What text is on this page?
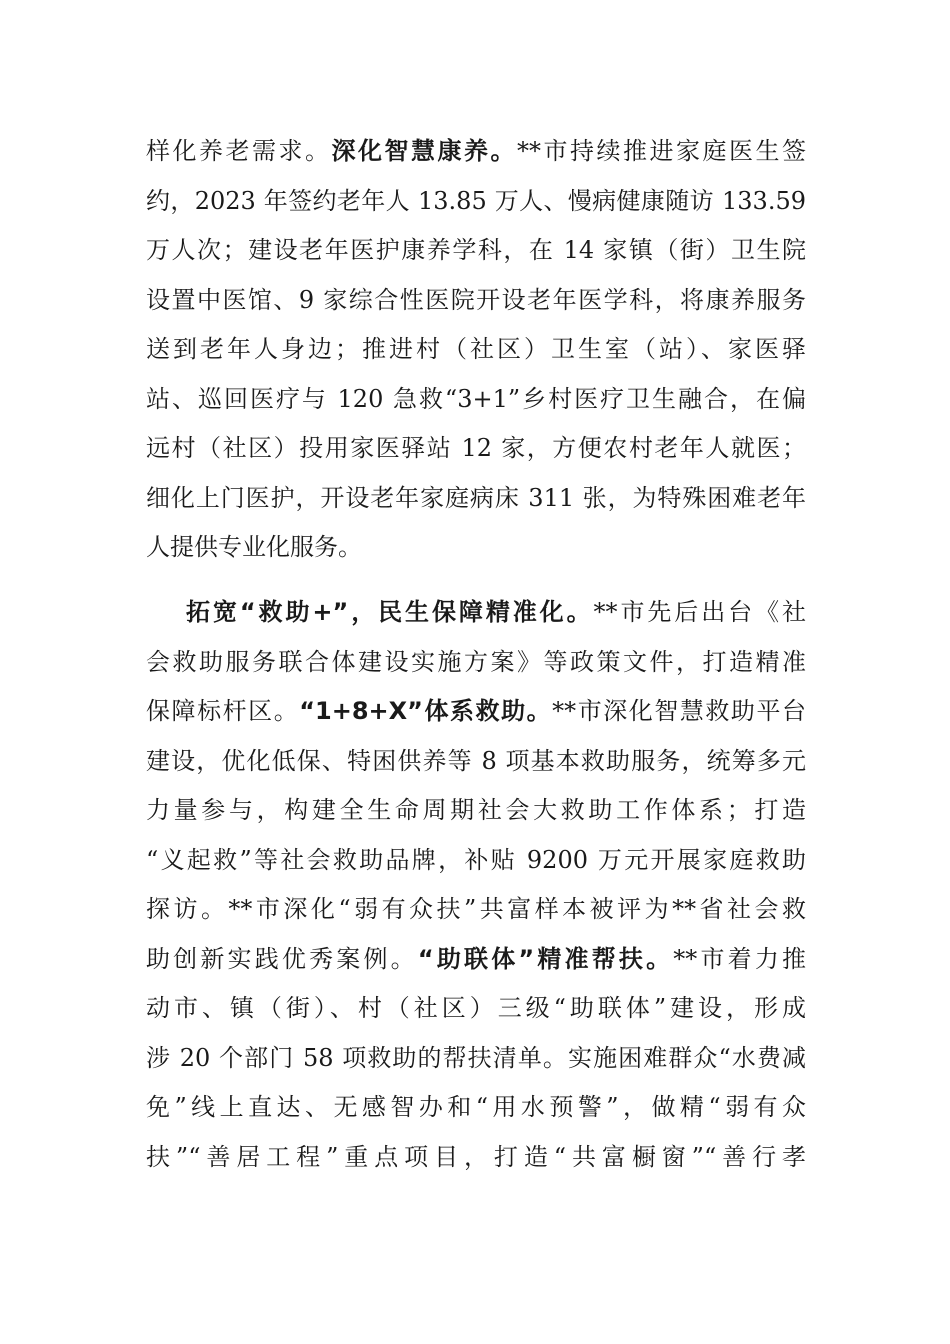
样化养老需求。深化智慧康养。**市持续推进家庭医生签
约，2023 年签约老年人 13.85 万人、慢病健康随访 133.59
万人次；建设老年医护康养学科，在 14 家镇（街）卫生院
设置中医馆、9 家综合性医院开设老年医学科，将康养服务
送到老年人身边；推进村（社区）卫生室（站）、家医驿
站、巡回医疗与 120 急救“3+1”乡村医疗卫生融合，在偏
远村（社区）投用家医驿站 12 家，方便农村老年人就医；
细化上门医护，开设老年家庭病床 311 张，为特殊困难老年
人提供专业化服务。
拓宽“救助+”，民生保障精准化。**市先后出台《社
会救助服务联合体建设实施方案》等政策文件，打造精准
保障标杆区。“1+8+X”体系救助。**市深化智慧救助平台
建设，优化低保、特困供养等 8 项基本救助服务，统筹多元
力量参与，构建全生命周期社会大救助工作体系；打造
“义起救”等社会救助品牌，补贴 9200 万元开展家庭救助
探访。**市深化“弱有众扶”共富样本被评为**省社会救
助创新实践优秀案例。“助联体”精准帮扶。**市着力推
动市、镇（街）、村（社区）三级“助联体”建设，形成
涉 20 个部门 58 项救助的帮扶清单。实施困难群众“水费减
免”线上直达、无感智办和“用水预警”，做精“弱有众
扶”“善居工程”重点项目，打造“共富橱窗”“善行孝
